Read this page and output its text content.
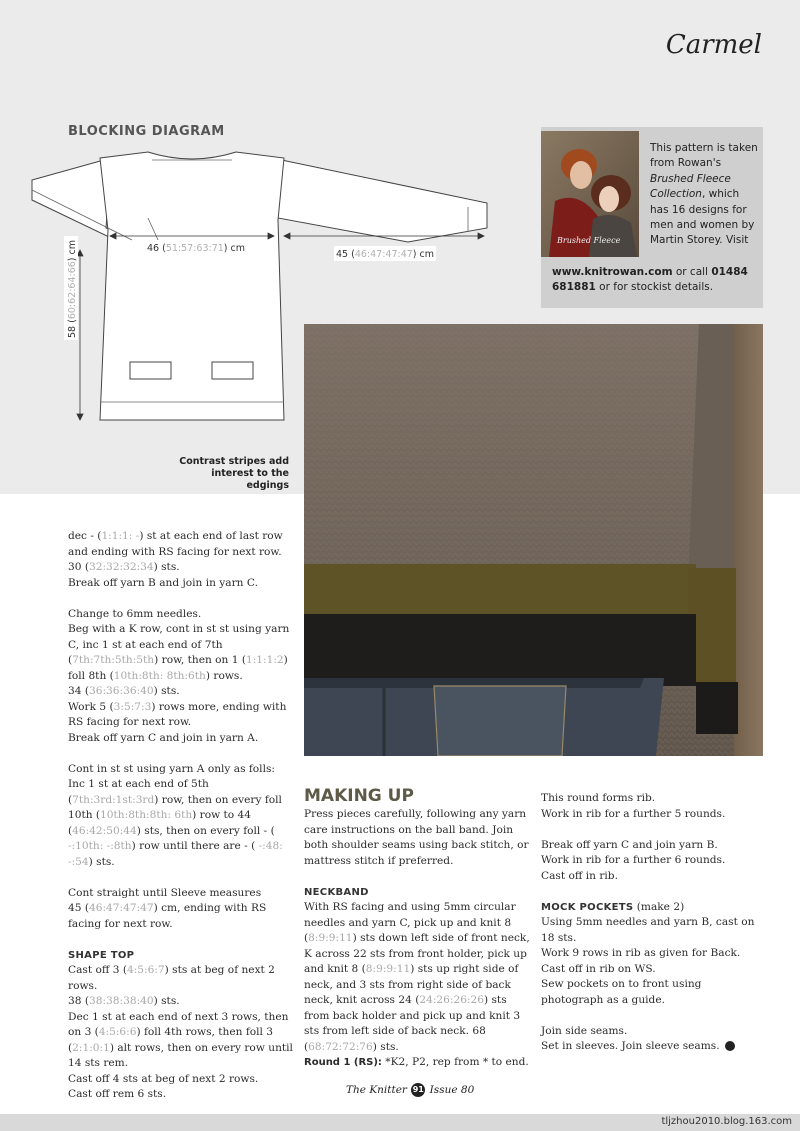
Carmel
BLOCKING DIAGRAM
46 (51:57:63:71) cm
45 (46:47:47:47) cm
58 (60:62:64:66) cm
Contrast stripes add interest to the edgings
Brushed Fleece
This pattern is taken from Rowan's Brushed Fleece Collection, which has 16 designs for men and women by Martin Storey. Visit
www.knitrowan.com or call 01484 681881 or for stockist details.

dec - (1:1:1: -) st at each end of last row and ending with RS facing for next row.
30 (32:32:32:34) sts.
Break off yarn B and join in yarn C.

Change to 6mm needles.
Beg with a K row, cont in st st using yarn C, inc 1 st at each end of 7th (7th:7th:5th:5th) row, then on 1 (1:1:1:2) foll 8th (10th:8th: 8th:6th) rows.
34 (36:36:36:40) sts.
Work 5 (3:5:7:3) rows more, ending with RS facing for next row.
Break off yarn C and join in yarn A.

Cont in st st using yarn A only as folls:
Inc 1 st at each end of 5th (7th:3rd:1st:3rd) row, then on every foll 10th (10th:8th:8th: 6th) row to 44 (46:42:50:44) sts, then on every foll - ( -:10th: -:8th) row until there are - ( -:48: -:54) sts.

Cont straight until Sleeve measures
45 (46:47:47:47) cm, ending with RS facing for next row.

SHAPE TOP

Cast off 3 (4:5:6:7) sts at beg of next 2 rows.
38 (38:38:38:40) sts.
Dec 1 st at each end of next 3 rows, then on 3 (4:5:6:6) foll 4th rows, then foll 3 (2:1:0:1) alt rows, then on every row until 14 sts rem.
Cast off 4 sts at beg of next 2 rows.
Cast off rem 6 sts.

MAKING UP

Press pieces carefully, following any yarn care instructions on the ball band. Join both shoulder seams using back stitch, or mattress stitch if preferred.

NECKBAND

With RS facing and using 5mm circular needles and yarn C, pick up and knit 8 (8:9:9:11) sts down left side of front neck, K across 22 sts from front holder, pick up and knit 8 (8:9:9:11) sts up right side of neck, and 3 sts from right side of back neck, knit across 24 (24:26:26:26) sts from back holder and pick up and knit 3 sts from left side of back neck. 68 (68:72:72:76) sts.
Round 1 (RS): *K2, P2, rep from * to end.

This round forms rib.
Work in rib for a further 5 rounds.

Break off yarn C and join yarn B.
Work in rib for a further 6 rounds.
Cast off in rib.

MOCK POCKETS (make 2)

Using 5mm needles and yarn B, cast on 18 sts.
Work 9 rows in rib as given for Back.
Cast off in rib on WS.
Sew pockets on to front using photograph as a guide.

Join side seams.
Set in sleeves. Join sleeve seams.

The Knitter 91 Issue 80
tljzhou2010.blog.163.com
